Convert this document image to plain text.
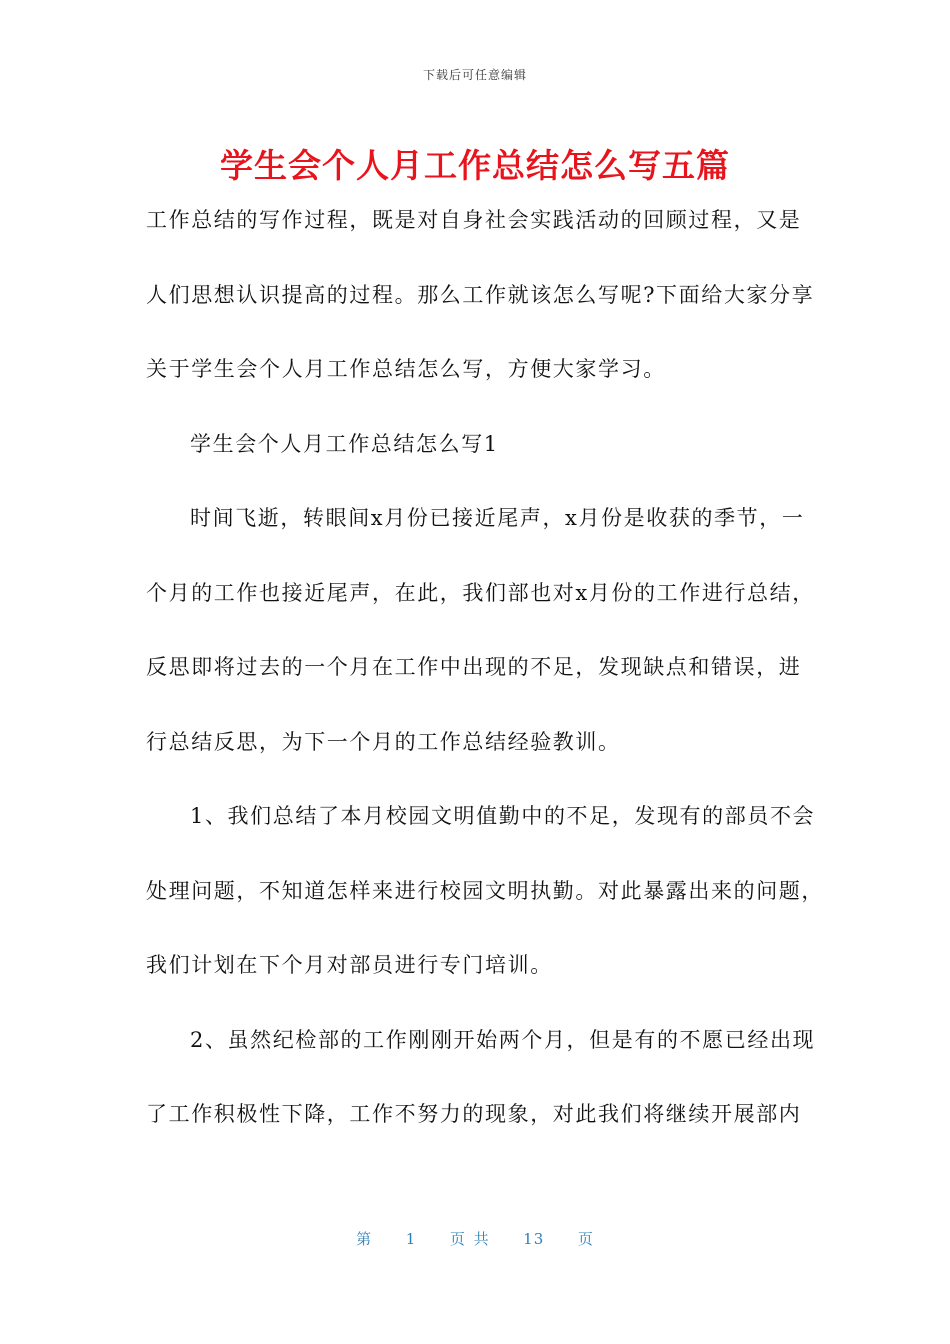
下载后可任意编辑
学生会个人月工作总结怎么写五篇
工作总结的写作过程，既是对自身社会实践活动的回顾过程，又是
人们思想认识提高的过程。那么工作就该怎么写呢?下面给大家分享
关于学生会个人月工作总结怎么写，方便大家学习。
学生会个人月工作总结怎么写1
时间飞逝，转眼间x月份已接近尾声，x月份是收获的季节，一
个月的工作也接近尾声，在此，我们部也对x月份的工作进行总结，
反思即将过去的一个月在工作中出现的不足，发现缺点和错误，进
行总结反思，为下一个月的工作总结经验教训。
1、我们总结了本月校园文明值勤中的不足，发现有的部员不会
处理问题，不知道怎样来进行校园文明执勤。对此暴露出来的问题，
我们计划在下个月对部员进行专门培训。
2、虽然纪检部的工作刚刚开始两个月，但是有的不愿已经出现
了工作积极性下降，工作不努力的现象，对此我们将继续开展部内
第 1 页 共 13 页
